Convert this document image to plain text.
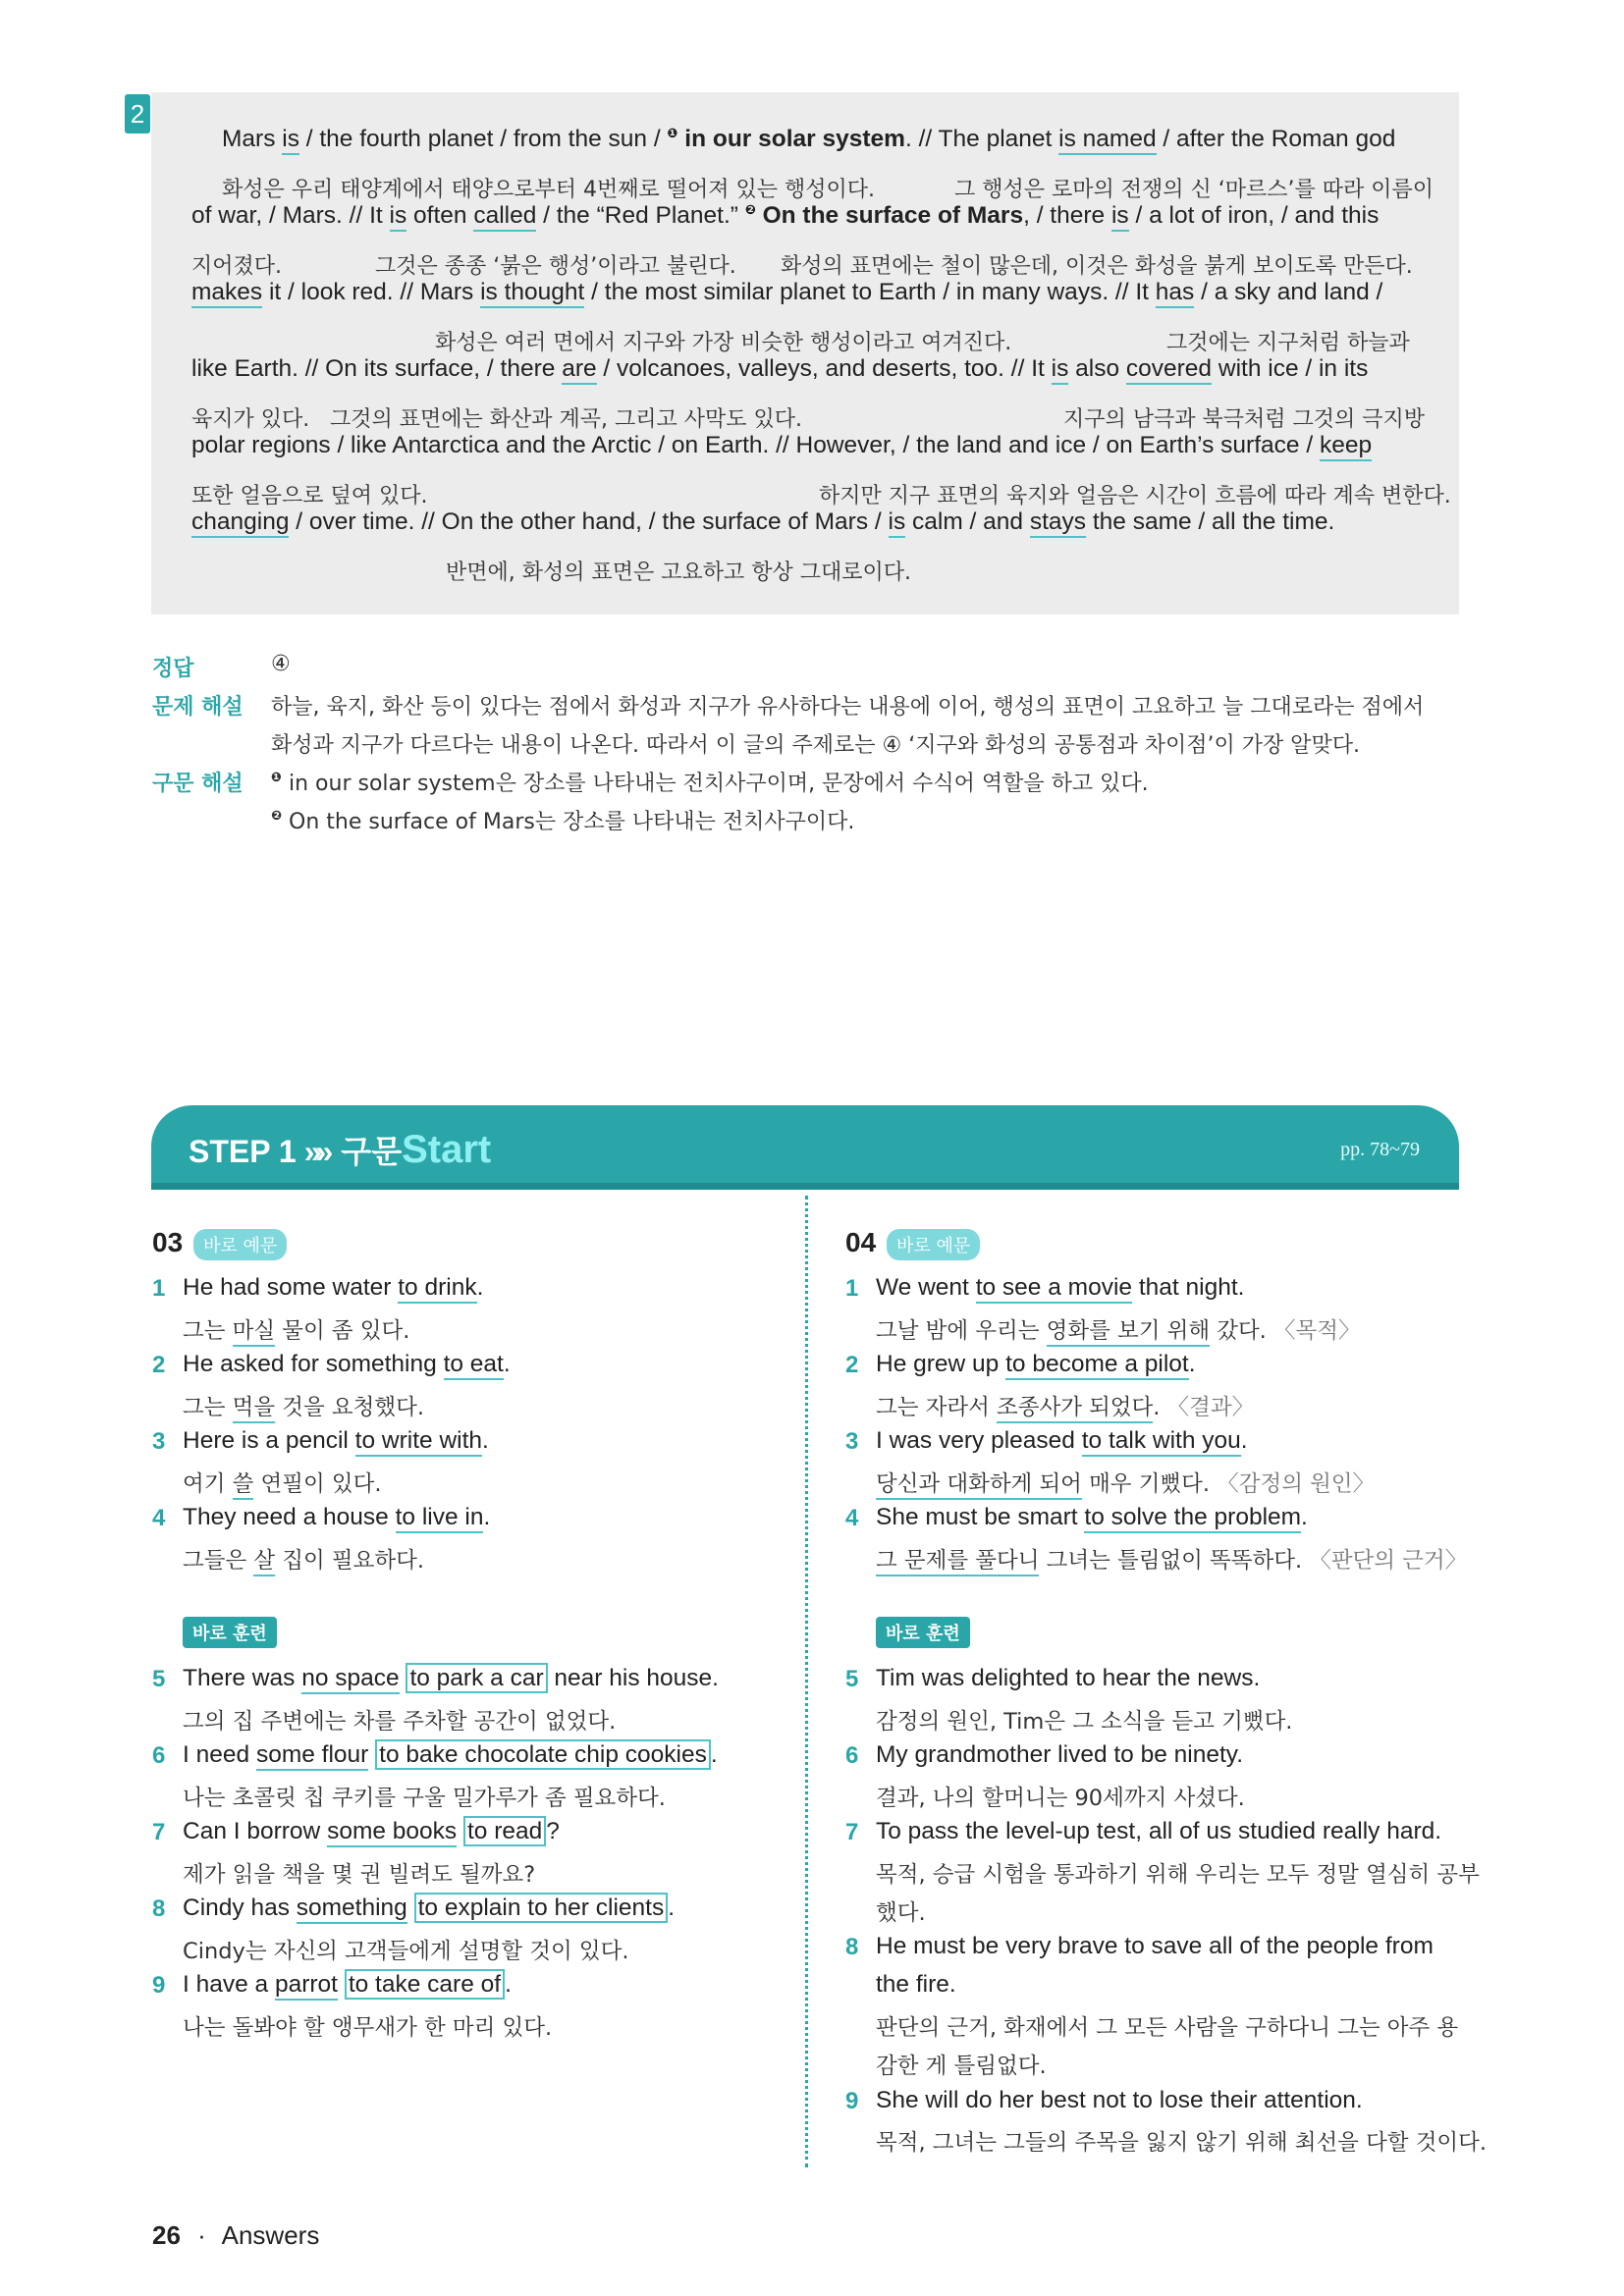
2
Mars is / the fourth planet / from the sun / $^❶$ in our solar system. // The planet is named / after the Roman god
화성은 우리 태양계에서 태양으로부터 4번째로 떨어져 있는 행성이다.	그 행성은 로마의 전쟁의 신 ‘마르스’를 따라 이름이
of war, / Mars. // It is often called / the “Red Planet.” $^❷$ On the surface of Mars, / there is / a lot of iron, / and this
지어졌다.	그것은 종종 ‘붉은 행성’이라고 불린다. 화성의 표면에는 철이 많은데, 이것은 화성을 붉게 보이도록 만든다.
makes it / look red. // Mars is thought / the most similar planet to Earth / in many ways. // It has / a sky and land /
화성은 여러 면에서 지구와 가장 비슷한 행성이라고 여겨진다.	그것에는 지구처럼 하늘과
like Earth. // On its surface, / there are / volcanoes, valleys, and deserts, too. // It is also covered with ice / in its
육지가 있다. 그것의 표면에는 화산과 계곡, 그리고 사막도 있다.	지구의 남극과 북극처럼 그것의 극지방
polar regions / like Antarctica and the Arctic / on Earth. // However, / the land and ice / on Earth’s surface / keep
또한 얼음으로 덮여 있다.	하지만 지구 표면의 육지와 얼음은 시간이 흐름에 따라 계속 변한다.
changing / over time. // On the other hand, / the surface of Mars / is calm / and stays the same / all the time.
반면에, 화성의 표면은 고요하고 항상 그대로이다.
정답	④
문제 해설 하늘, 육지, 화산 등이 있다는 점에서 화성과 지구가 유사하다는 내용에 이어, 행성의 표면이 고요하고 늘 그대로라는 점에서
화성과 지구가 다르다는 내용이 나온다. 따라서 이 글의 주제로는 ④ ‘지구와 화성의 공통점과 차이점’이 가장 알맞다.
구문 해설 $^❶$ in our solar system은 장소를 나타내는 전치사구이며, 문장에서 수식어 역할을 하고 있다.
$^❷$ On the surface of Mars는 장소를 나타내는 전치사구이다.
STEP 1 »» 구문Start	pp. 78~79
03	바로 예문
1 He had some water to drink.
그는 마실 물이 좀 있다.
2 He asked for something to eat.
그는 먹을 것을 요청했다.
3 Here is a pencil to write with.
여기 쓸 연필이 있다.
4 They need a house to live in.
그들은 살 집이 필요하다.
바로 훈련
5 There was no space to park a car near his house.
그의 집 주변에는 차를 주차할 공간이 없었다.
6 I need some flour to bake chocolate chip cookies .
나는 초콜릿 칩 쿠키를 구울 밀가루가 좀 필요하다.
7 Can I borrow some books to read ?
제가 읽을 책을 몇 권 빌려도 될까요?
8 Cindy has something to explain to her clients .
Cindy는 자신의 고객들에게 설명할 것이 있다.
9 I have a parrot to take care of .
나는 돌봐야 할 앵무새가 한 마리 있다.
04	바로 예문
1 We went to see a movie that night.
그날 밤에 우리는 영화를 보기 위해 갔다. 〈목적〉
2 He grew up to become a pilot.
그는 자라서 조종사가 되었다. 〈결과〉
3 I was very pleased to talk with you.
당신과 대화하게 되어 매우 기뻤다. 〈감정의 원인〉
4 She must be smart to solve the problem.
그 문제를 풀다니 그녀는 틀림없이 똑똑하다. 〈판단의 근거〉
바로 훈련
5 Tim was delighted to hear the news.
감정의 원인, Tim은 그 소식을 듣고 기뻤다.
6 My grandmother lived to be ninety.
결과, 나의 할머니는 90세까지 사셨다.
7 To pass the level-up test, all of us studied really hard.
목적, 승급 시험을 통과하기 위해 우리는 모두 정말 열심히 공부
했다.
8 He must be very brave to save all of the people from
the fire.
판단의 근거, 화재에서 그 모든 사람을 구하다니 그는 아주 용
감한 게 틀림없다.
9 She will do her best not to lose their attention.
목적, 그녀는 그들의 주목을 잃지 않기 위해 최선을 다할 것이다.
26 · Answers
